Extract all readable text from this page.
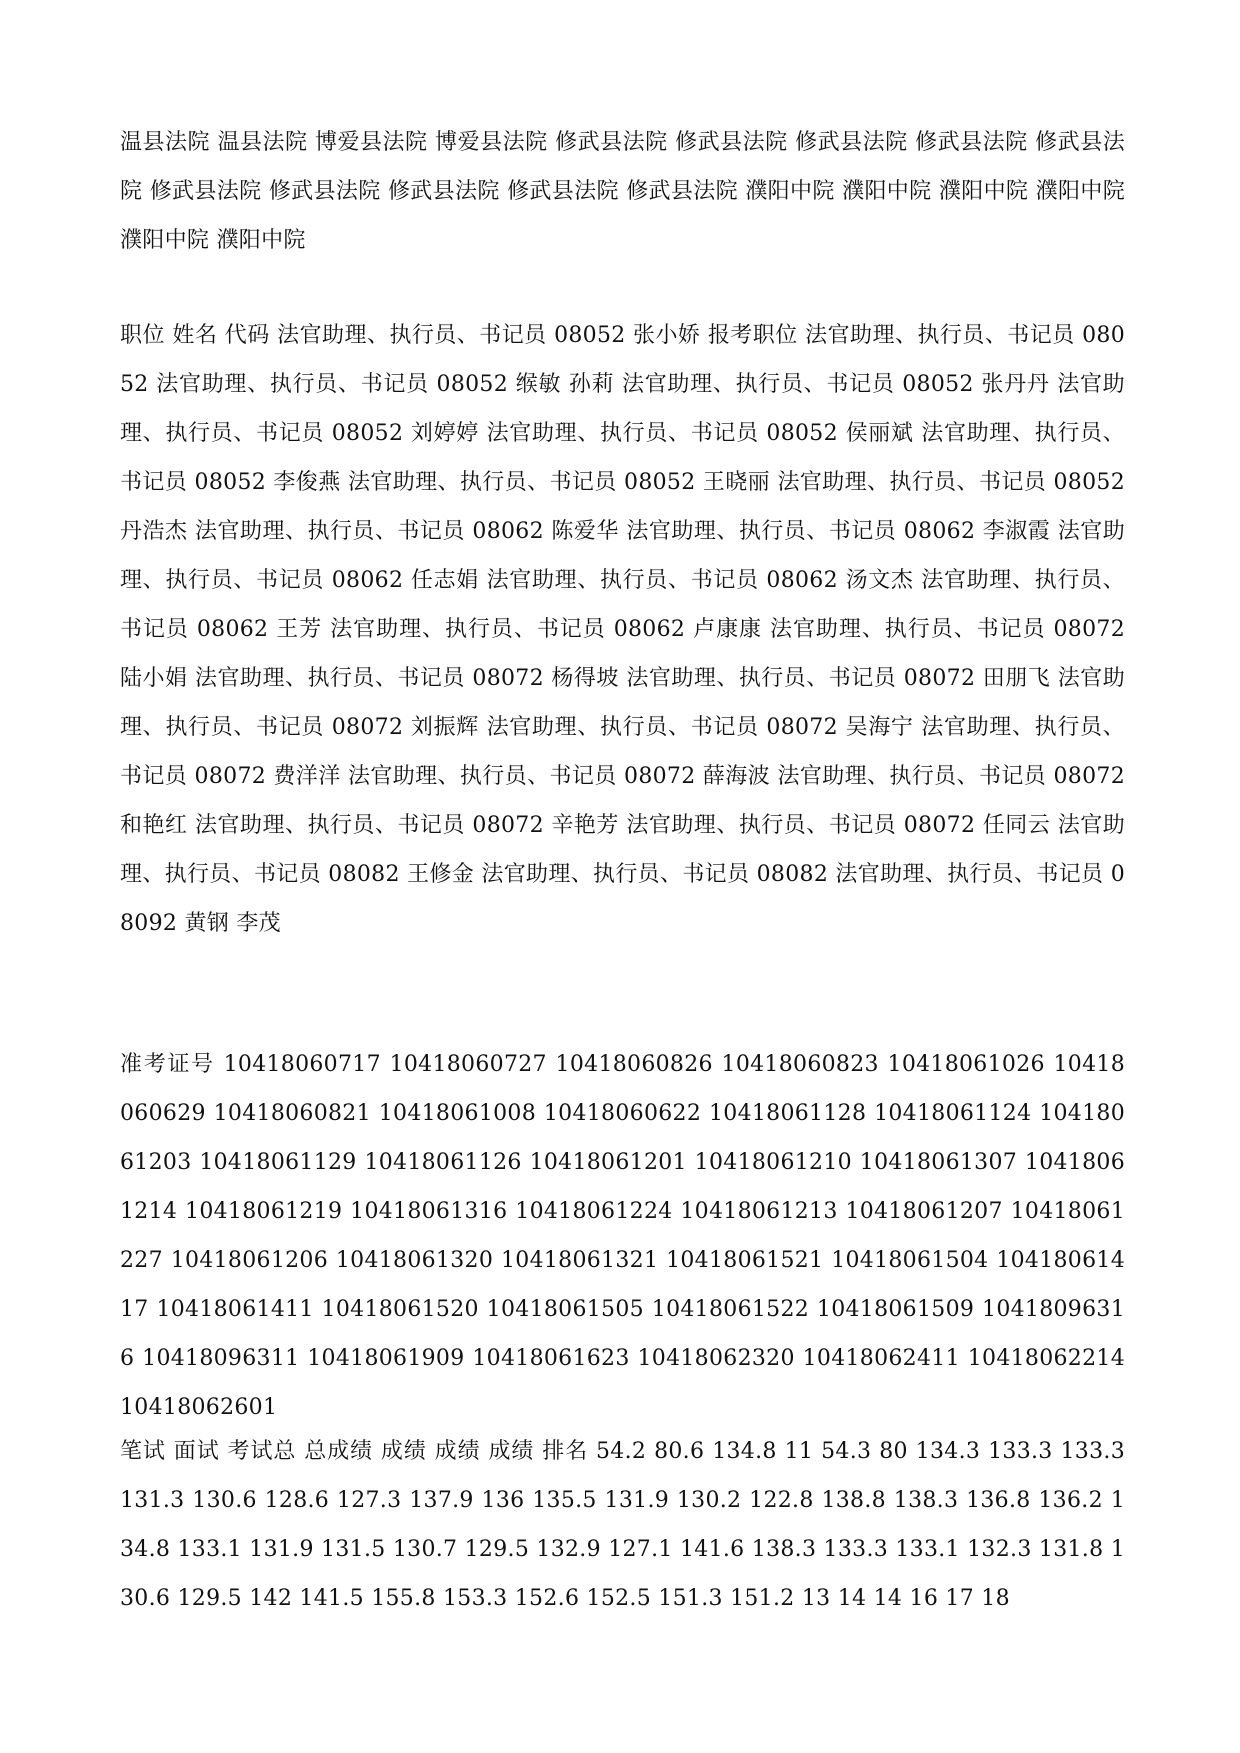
温县法院 温县法院 博爱县法院 博爱县法院 修武县法院 修武县法院 修武县法院 修武县法院 修武县法院 修武县法院 修武县法院 修武县法院 修武县法院 修武县法院 濮阳中院 濮阳中院 濮阳中院 濮阳中院 濮阳中院 濮阳中院

职位 姓名 代码 法官助理、执行员、书记员 08052 张小娇 报考职位 法官助理、执行员、书记员 08052 法官助理、执行员、书记员 08052 缑敏 孙莉 法官助理、执行员、书记员 08052 张丹丹 法官助理、执行员、书记员 08052 刘婷婷 法官助理、执行员、书记员 08052 侯丽斌 法官助理、执行员、书记员 08052 李俊燕 法官助理、执行员、书记员 08052 王晓丽 法官助理、执行员、书记员 08052 丹浩杰 法官助理、执行员、书记员 08062 陈爱华 法官助理、执行员、书记员 08062 李淑霞 法官助理、执行员、书记员 08062 任志娟 法官助理、执行员、书记员 08062 汤文杰 法官助理、执行员、书记员 08062 王芳 法官助理、执行员、书记员 08062 卢康康 法官助理、执行员、书记员 08072 陆小娟 法官助理、执行员、书记员 08072 杨得坡 法官助理、执行员、书记员 08072 田朋飞 法官助理、执行员、书记员 08072 刘振辉 法官助理、执行员、书记员 08072 吴海宁 法官助理、执行员、书记员 08072 费洋洋 法官助理、执行员、书记员 08072 薛海波 法官助理、执行员、书记员 08072 和艳红 法官助理、执行员、书记员 08072 辛艳芳 法官助理、执行员、书记员 08072 任同云 法官助理、执行员、书记员 08082 王修金 法官助理、执行员、书记员 08082 法官助理、执行员、书记员 08092 黄钢 李茂

准考证号 10418060717 10418060727 10418060826 10418060823 10418061026 10418060629 10418060821 10418061008 10418060622 10418061128 10418061124 10418061203 10418061129 10418061126 10418061201 10418061210 10418061307 10418061214 10418061219 10418061316 10418061224 10418061213 10418061207 10418061227 10418061206 10418061320 10418061321 10418061521 10418061504 10418061417 10418061411 10418061520 10418061505 10418061522 10418061509 10418096316 10418096311 10418061909 10418061623 10418062320 10418062411 10418062214 10418062601

笔试 面试 考试总 总成绩 成绩 成绩 成绩 排名 54.2 80.6 134.8 11 54.3 80 134.3 133.3 133.3 131.3 130.6 128.6 127.3 137.9 136 135.5 131.9 130.2 122.8 138.8 138.3 136.8 136.2 134.8 133.1 131.9 131.5 130.7 129.5 132.9 127.1 141.6 138.3 133.3 133.1 132.3 131.8 130.6 129.5 142 141.5 155.8 153.3 152.6 152.5 151.3 151.2 13 14 14 16 17 18
